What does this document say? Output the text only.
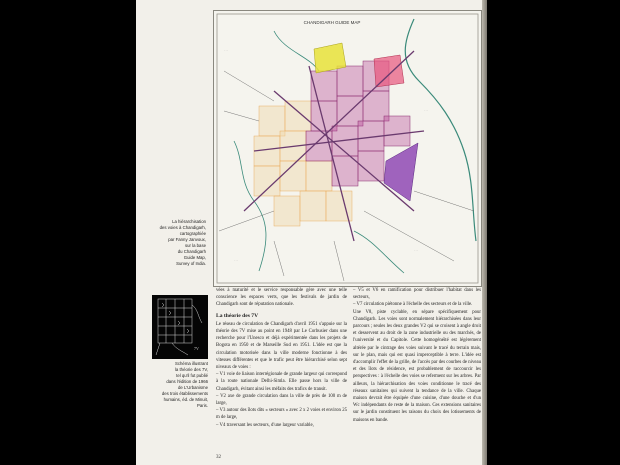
La hiérarchisation
des voies à Chandigarh,
cartographiée
par Fanny Janvoux,
sur la base
du Chandigarh
Guide Map,
Survey of India.
7V
Schéma illustrant
la théorie des 7V,
tel qu'il fut publié
dans l'édition de 1966
de L'Urbanisme
des trois établissements
humains, éd. de Minuit,
Paris.
CHANDIGARH GUIDE MAP
· · ·
· · ·
· · ·
· · ·

vées à maturité et le service responsable gère avec une telle conscience les espaces verts, que les festivals de jardin de Chandigarh sont de réputation nationale.

La théorie des 7V

Le réseau de circulation de Chandigarh d'avril 1951 s'appuie sur la théorie des 7V mise au point en 1948 par Le Corbusier dans une recherche pour l'Unesco et déjà expérimentée dans les projets de Bogota en 1950 et de Marseille Sud en 1951. L'idée est que la circulation motorisée dans la ville moderne fonctionne à des vitesses différentes et que le trafic peut être hiérarchisé selon sept niveaux de voies :
– V1 voie de liaison interrégionale de grande largeur qui correspond à la route nationale Delhi-Simla. Elle passe hors la ville de Chandigarh, évitant ainsi les méfaits des trafics de transit.
– V2 axe de grande circulation dans la ville de près de 100 m de large,
– V3 autour des îlots dits « secteurs » avec 2 x 2 voies et environ 25 m de large,
– V4 traversant les secteurs, d'une largeur variable,

– V5 et V6 en ramification pour distribuer l'habitat dans les secteurs,
– V7 circulation piétonne à l'échelle des secteurs et de la ville.
Une V8, piste cyclable, en sépare spécifiquement pour Chandigarh. Les voies sont normalement hiérarchisées dans leur parcours ; seules les deux grandes V2 qui se croisent à angle droit et desservent au droit de la zone industrielle ou des marchés, de l'université et du Capitole. Cette homogénéité est légèrement altérée par le cintrage des voies suivant le tracé du terrain mais, sur le plan, mais qui est quasi imperceptible à terre. L'idée est d'accomplir l'effet de la grille, de l'accès par des courbes de niveau et des îlots de résidence, est probablement de raccourcir les perspectives : à l'échelle des voies se referment sur les arbres. Par ailleurs, la hiérarchisation des voies conditionne le tracé des réseaux sanitaires qui suivent la tendance de la ville. Chaque maison devrait être équipée d'une cuisine, d'une douche et d'un Wc indépendants de reste de la maison. Ces extensions sanitaires sur le jardin constituent les raisons du choix des lotissements de maisons en bande.

32
